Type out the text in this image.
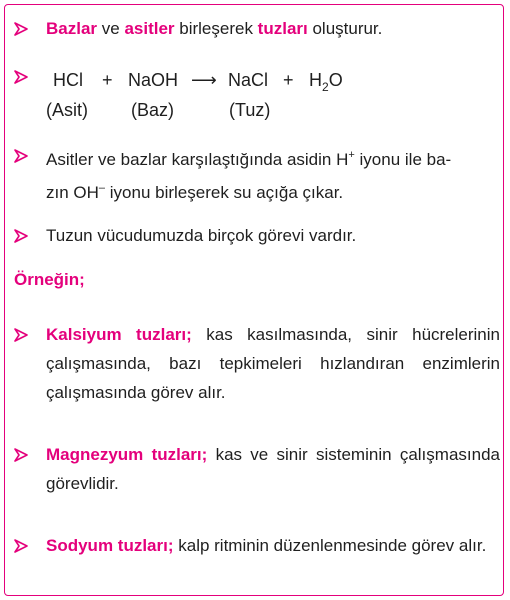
Bazlar ve asitler birleşerek tuzları oluşturur.
HCl + NaOH ⟶ NaCl + $H_2O$
(Asit) (Baz)	(Tuz)
Asitler ve bazlar karşılaştığında asidin H+ iyonu ile ba-
zın OH– iyonu birleşerek su açığa çıkar.
Tuzun vücudumuzda birçok görevi vardır.
Örneğin;
Kalsiyum tuzları; kas kasılmasında, sinir hücrelerinin çalışmasında, bazı tepkimeleri hızlandıran enzimlerin çalışmasında görev alır.
Magnezyum tuzları; kas ve sinir sisteminin çalışmasında görevlidir.
Sodyum tuzları; kalp ritminin düzenlenmesinde görev alır.
